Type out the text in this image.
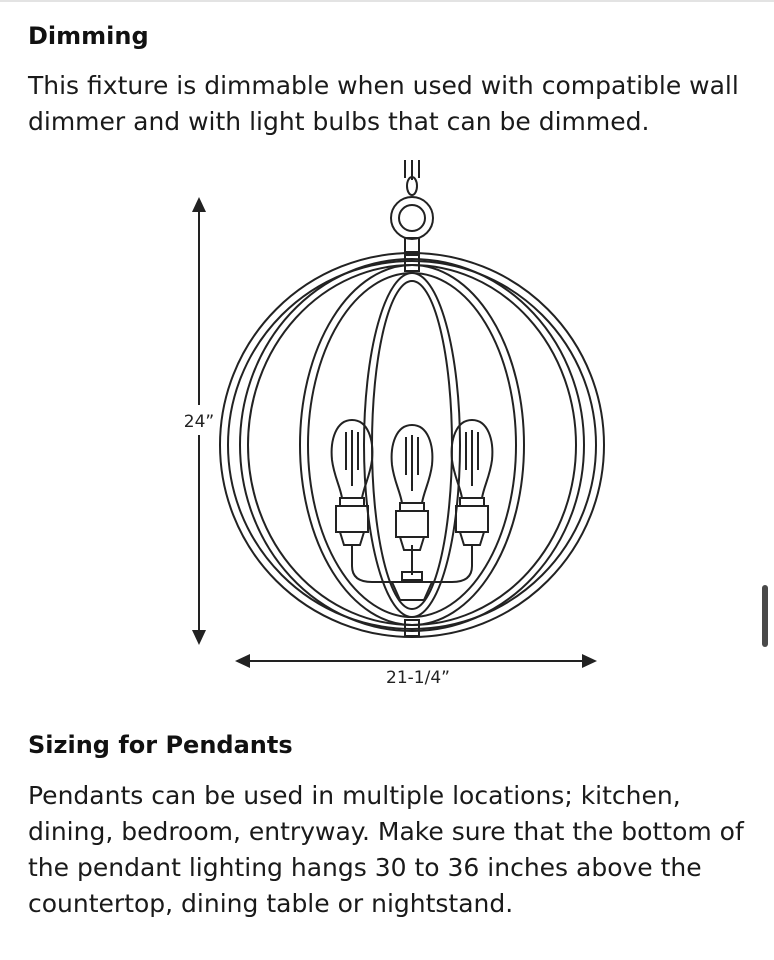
Dimming

This fixture is dimmable when used with compatible wall dimmer and with light bulbs that can be dimmed.

24”
21-1/4”
Sizing for Pendants

Pendants can be used in multiple locations; kitchen, dining, bedroom, entryway. Make sure that the bottom of the pendant lighting hangs 30 to 36 inches above the countertop, dining table or nightstand.
